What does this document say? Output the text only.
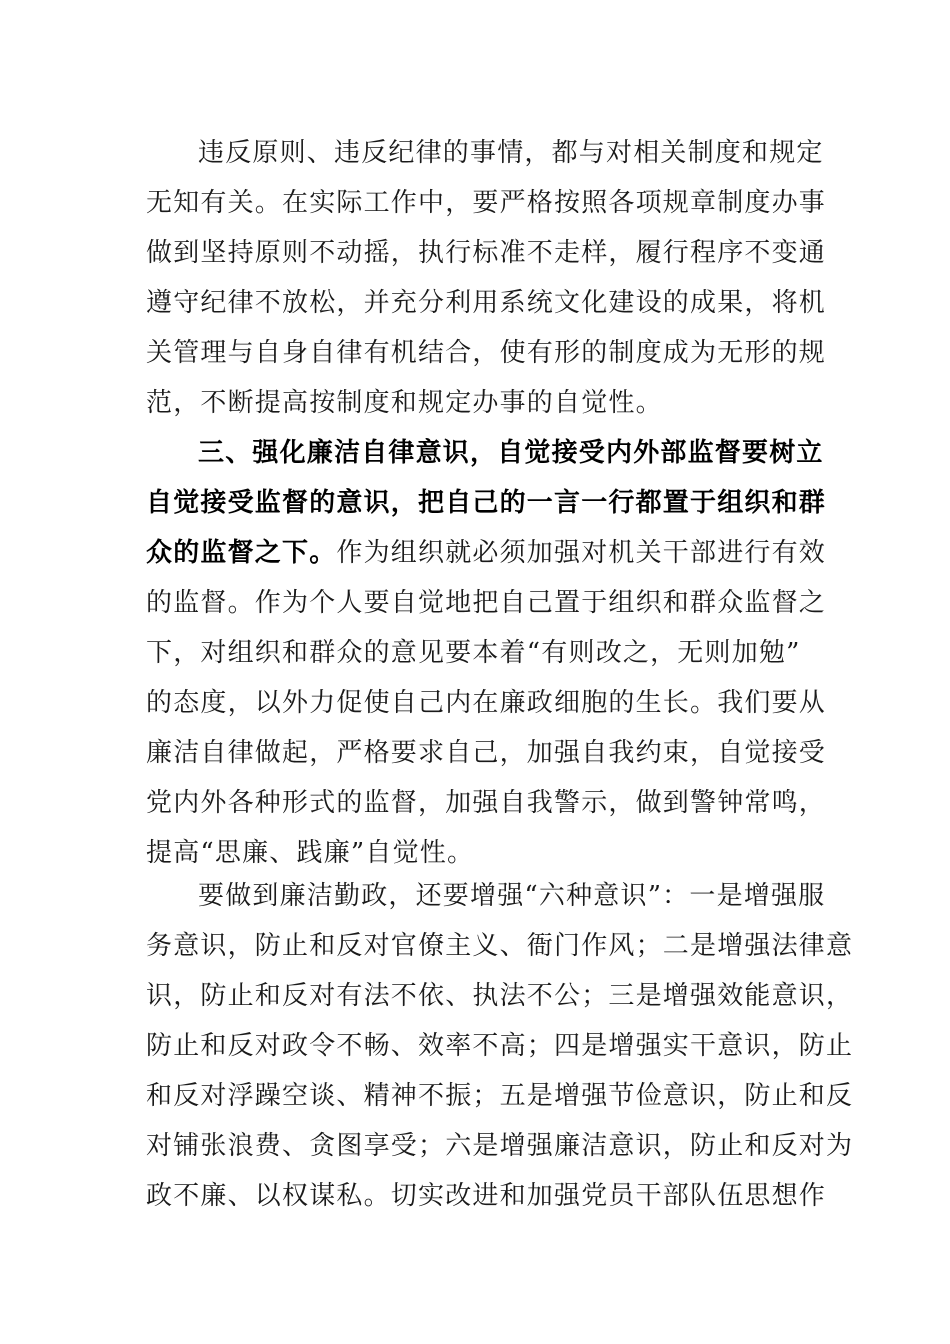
违反原则、违反纪律的事情，都与对相关制度和规定
无知有关。在实际工作中，要严格按照各项规章制度办事
做到坚持原则不动摇，执行标准不走样，履行程序不变通
遵守纪律不放松，并充分利用系统文化建设的成果，将机
关管理与自身自律有机结合，使有形的制度成为无形的规
范，不断提高按制度和规定办事的自觉性。
三、强化廉洁自律意识，自觉接受内外部监督要树立
自觉接受监督的意识，把自己的一言一行都置于组织和群
众的监督之下。作为组织就必须加强对机关干部进行有效
的监督。作为个人要自觉地把自己置于组织和群众监督之
下，对组织和群众的意见要本着“有则改之，无则加勉”
的态度，以外力促使自己内在廉政细胞的生长。我们要从
廉洁自律做起，严格要求自己，加强自我约束，自觉接受
党内外各种形式的监督，加强自我警示，做到警钟常鸣，
提高“思廉、践廉”自觉性。
要做到廉洁勤政，还要增强“六种意识”：一是增强服
务意识，防止和反对官僚主义、衙门作风；二是增强法律意
识，防止和反对有法不依、执法不公；三是增强效能意识，
防止和反对政令不畅、效率不高；四是增强实干意识，防止
和反对浮躁空谈、精神不振；五是增强节俭意识，防止和反
对铺张浪费、贪图享受；六是增强廉洁意识，防止和反对为
政不廉、以权谋私。切实改进和加强党员干部队伍思想作
